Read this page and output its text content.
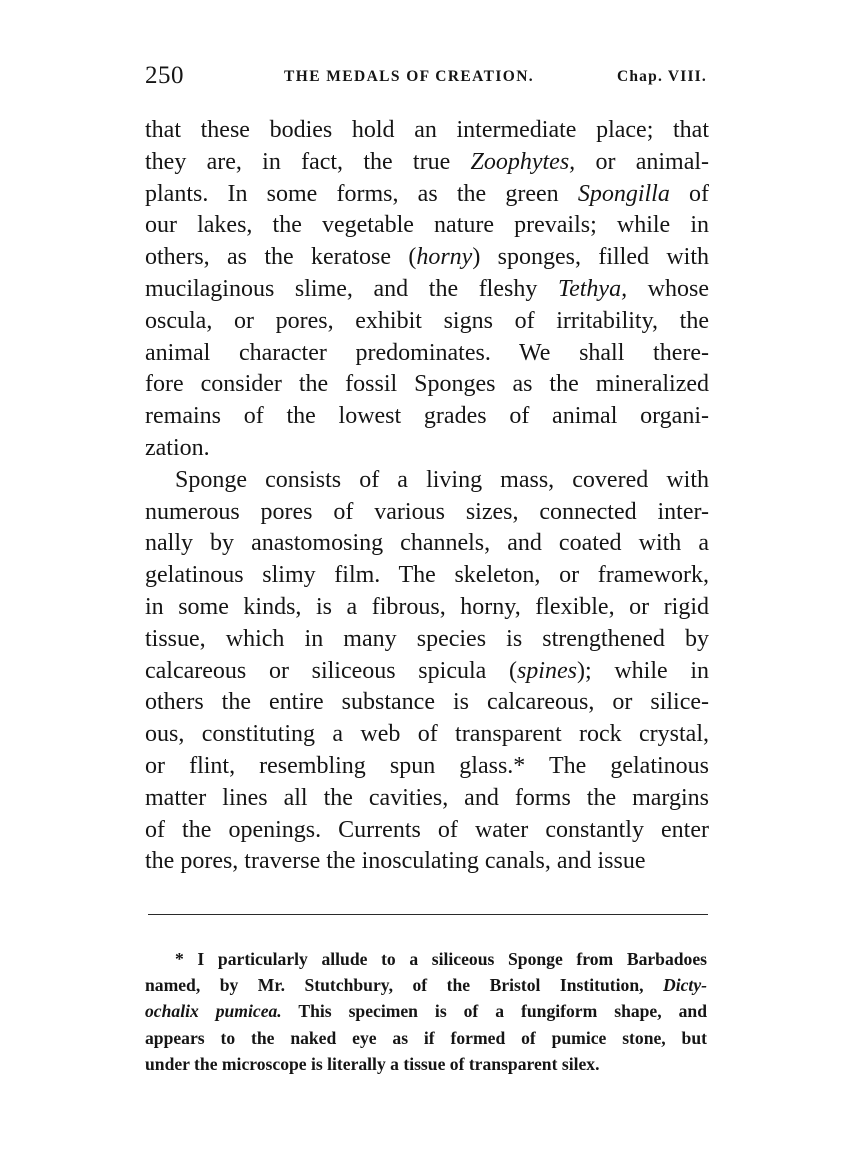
250	THE MEDALS OF CREATION.	Chap. VIII.
that these bodies hold an intermediate place; that
they are, in fact, the true Zoophytes, or animal-
plants. In some forms, as the green Spongilla of
our lakes, the vegetable nature prevails; while in
others, as the keratose (horny) sponges, filled with
mucilaginous slime, and the fleshy Tethya, whose
oscula, or pores, exhibit signs of irritability, the
animal character predominates. We shall there-
fore consider the fossil Sponges as the mineralized
remains of the lowest grades of animal organi-
zation.
Sponge consists of a living mass, covered with
numerous pores of various sizes, connected inter-
nally by anastomosing channels, and coated with a
gelatinous slimy film. The skeleton, or framework,
in some kinds, is a fibrous, horny, flexible, or rigid
tissue, which in many species is strengthened by
calcareous or siliceous spicula (spines); while in
others the entire substance is calcareous, or silice-
ous, constituting a web of transparent rock crystal,
or flint, resembling spun glass.* The gelatinous
matter lines all the cavities, and forms the margins
of the openings. Currents of water constantly enter
the pores, traverse the inosculating canals, and issue
* I particularly allude to a siliceous Sponge from Barbadoes
named, by Mr. Stutchbury, of the Bristol Institution, Dicty-
ochalix pumicea. This specimen is of a fungiform shape, and
appears to the naked eye as if formed of pumice stone, but
under the microscope is literally a tissue of transparent silex.
